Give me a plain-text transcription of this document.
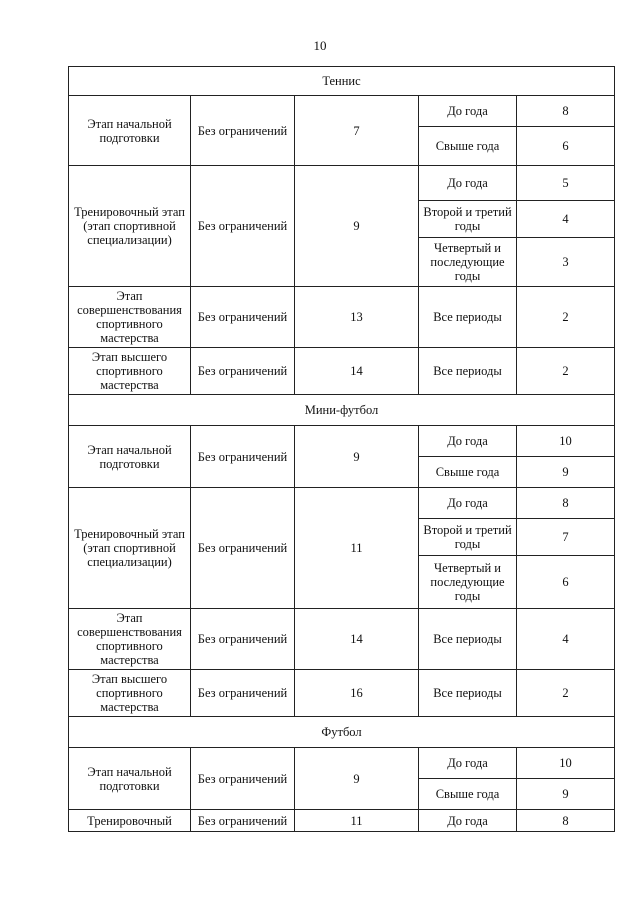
10
Теннис				
Этап начальной подготовки	Без ограничений	7	До года	8
			Свыше года	6
Тренировочный этап (этап спортивной специализации)	Без ограничений	9	До года	5
			Второй и третий годы	4
			Четвертый и последующие годы	3
Этап совершенствования спортивного мастерства	Без ограничений	13	Все периоды	2
Этап высшего спортивного мастерства	Без ограничений	14	Все периоды	2
Мини-футбол				
Этап начальной подготовки	Без ограничений	9	До года	10
			Свыше года	9
Тренировочный этап (этап спортивной специализации)	Без ограничений	11	До года	8
			Второй и третий годы	7
			Четвертый и последующие годы	6
Этап совершенствования спортивного мастерства	Без ограничений	14	Все периоды	4
Этап высшего спортивного мастерства	Без ограничений	16	Все периоды	2
Футбол				
Этап начальной подготовки	Без ограничений	9	До года	10
			Свыше года	9
Тренировочный	Без ограничений	11	До года	8
